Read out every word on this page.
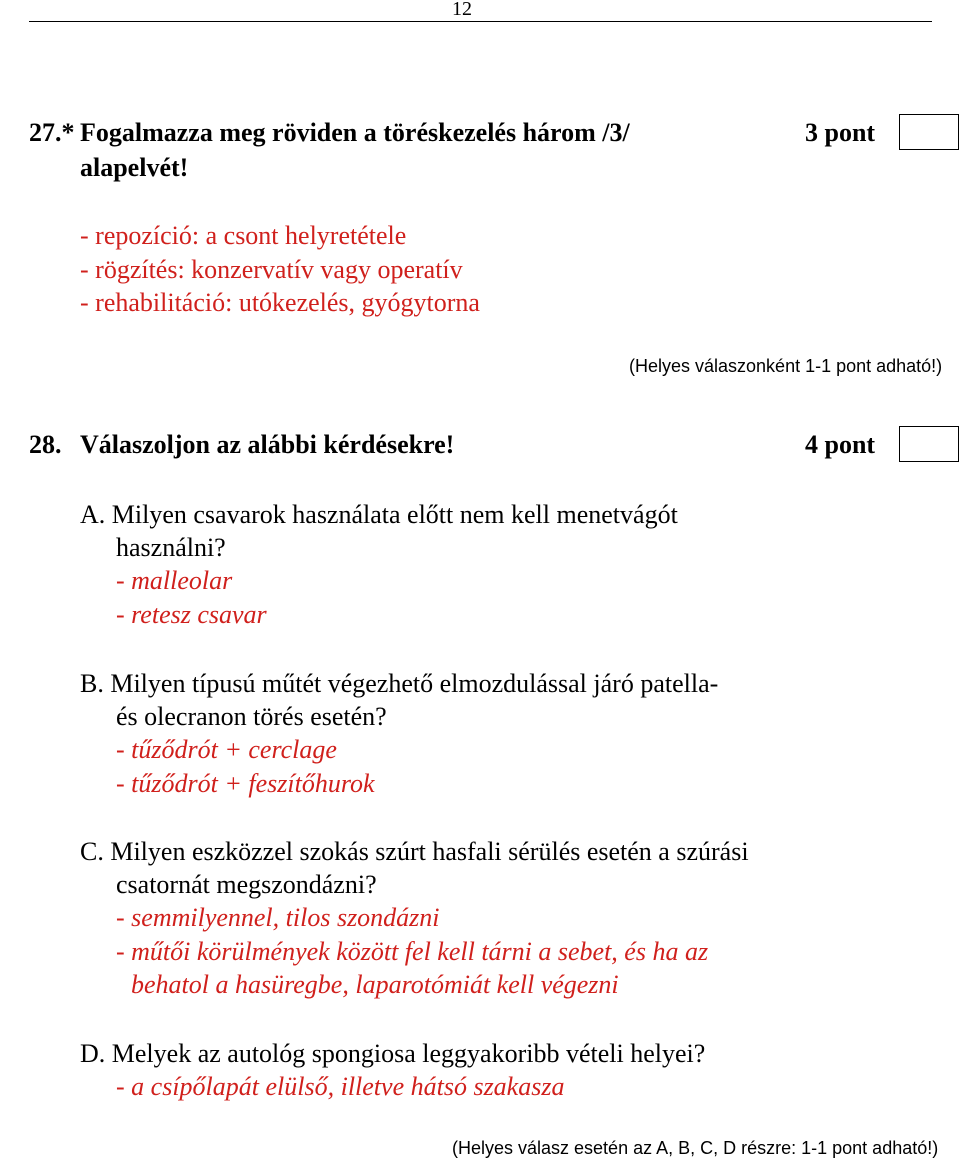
12
27.* Fogalmazza meg röviden a töréskezelés három /3/
alapelvét!
3 pont
- repozíció: a csont helyretétele
- rögzítés: konzervatív vagy operatív
- rehabilitáció: utókezelés, gyógytorna
(Helyes válaszonként 1-1 pont adható!)
28. Válaszoljon az alábbi kérdésekre!	4 pont
A. Milyen csavarok használata előtt nem kell menetvágót
használni?
- malleolar
- retesz csavar
B. Milyen típusú műtét végezhető elmozdulással járó patella-
és olecranon törés esetén?
- tűződrót + cerclage
- tűződrót + feszítőhurok
C. Milyen eszközzel szokás szúrt hasfali sérülés esetén a szúrási
csatornát megszondázni?
- semmilyennel, tilos szondázni
- műtői körülmények között fel kell tárni a sebet, és ha az
behatol a hasüregbe, laparotómiát kell végezni
D. Melyek az autológ spongiosa leggyakoribb vételi helyei?
- a csípőlapát elülső, illetve hátsó szakasza
(Helyes válasz esetén az A, B, C, D részre: 1-1 pont adható!)
